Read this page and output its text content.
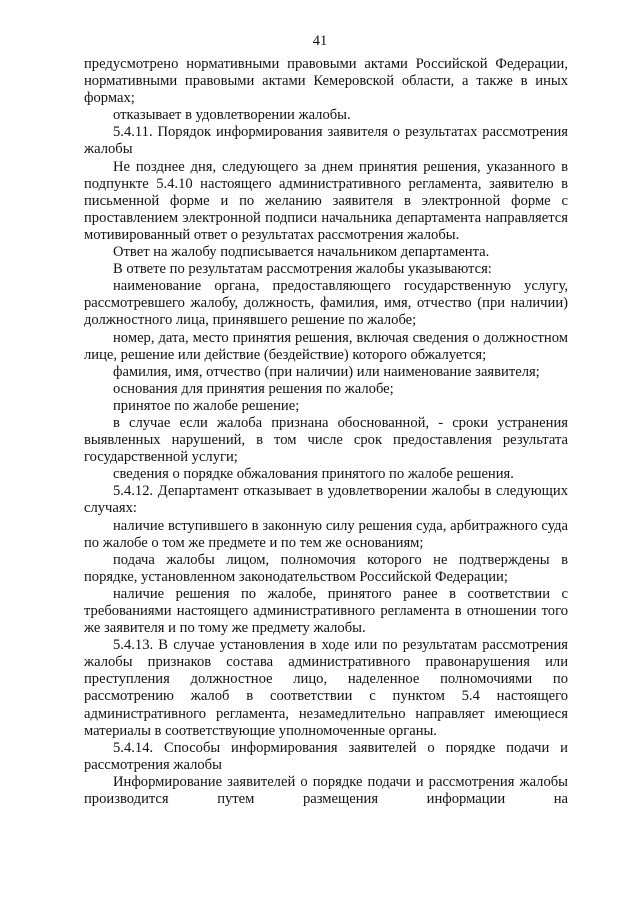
41

предусмотрено нормативными правовыми актами Российской Федерации, нормативными правовыми актами Кемеровской области, а также в иных формах;

отказывает в удовлетворении жалобы.

5.4.11. Порядок информирования заявителя о результатах рассмотрения жалобы

Не позднее дня, следующего за днем принятия решения, указанного в подпункте 5.4.10 настоящего административного регламента, заявителю в письменной форме и по желанию заявителя в электронной форме с проставлением электронной подписи начальника департамента направляется мотивированный ответ о результатах рассмотрения жалобы.

Ответ на жалобу подписывается начальником департамента.

В ответе по результатам рассмотрения жалобы указываются:

наименование органа, предоставляющего государственную услугу, рассмотревшего жалобу, должность, фамилия, имя, отчество (при наличии) должностного лица, принявшего решение по жалобе;

номер, дата, место принятия решения, включая сведения о должностном лице, решение или действие (бездействие) которого обжалуется;

фамилия, имя, отчество (при наличии) или наименование заявителя;

основания для принятия решения по жалобе;

принятое по жалобе решение;

в случае если жалоба признана обоснованной, - сроки устранения выявленных нарушений, в том числе срок предоставления результата государственной услуги;

сведения о порядке обжалования принятого по жалобе решения.

5.4.12. Департамент отказывает в удовлетворении жалобы в следующих случаях:

наличие вступившего в законную силу решения суда, арбитражного суда по жалобе о том же предмете и по тем же основаниям;

подача жалобы лицом, полномочия которого не подтверждены в порядке, установленном законодательством Российской Федерации;

наличие решения по жалобе, принятого ранее в соответствии с требованиями настоящего административного регламента в отношении того же заявителя и по тому же предмету жалобы.

5.4.13. В случае установления в ходе или по результатам рассмотрения жалобы признаков состава административного правонарушения или преступления должностное лицо, наделенное полномочиями по рассмотрению жалоб в соответствии с пунктом 5.4 настоящего административного регламента, незамедлительно направляет имеющиеся материалы в соответствующие уполномоченные органы.

5.4.14. Способы информирования заявителей о порядке подачи и рассмотрения жалобы

Информирование заявителей о порядке подачи и рассмотрения жалобы производится путем размещения информации на
